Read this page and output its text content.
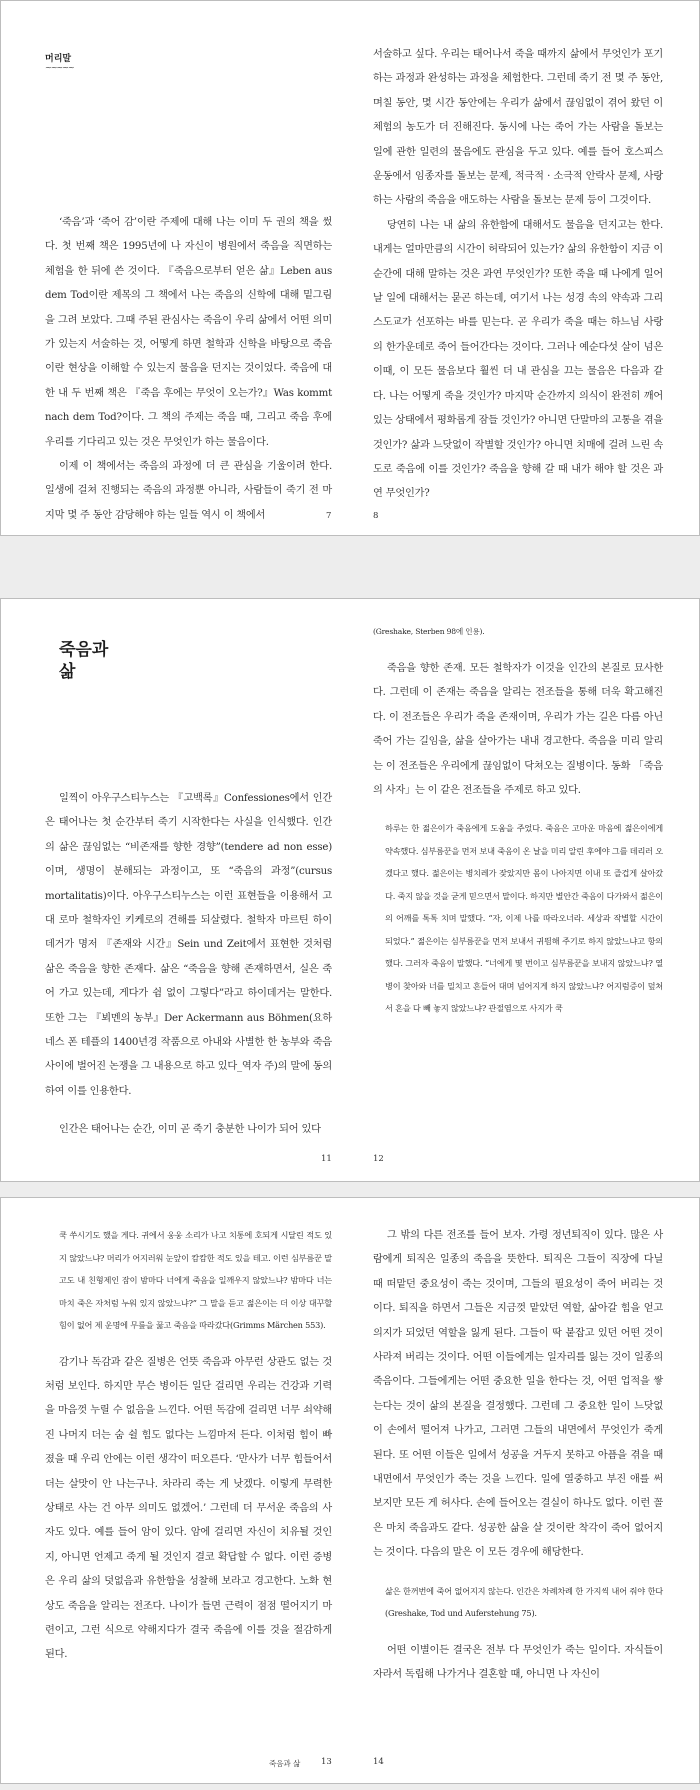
머리말
~~~~~

‘죽음’과 ‘죽어 감’이란 주제에 대해 나는 이미 두 권의 책을 썼다. 첫 번째 책은 1995년에 나 자신이 병원에서 죽음을 직면하는 체험을 한 뒤에 쓴 것이다. 『죽음으로부터 얻은 삶』Leben aus dem Tod이란 제목의 그 책에서 나는 죽음의 신학에 대해 밑그림을 그려 보았다. 그때 주된 관심사는 죽음이 우리 삶에서 어떤 의미가 있는지 서술하는 것, 어떻게 하면 철학과 신학을 바탕으로 죽음이란 현상을 이해할 수 있는지 물음을 던지는 것이었다. 죽음에 대한 내 두 번째 책은 『죽음 후에는 무엇이 오는가?』Was kommt nach dem Tod?이다. 그 책의 주제는 죽음 때, 그리고 죽음 후에 우리를 기다리고 있는 것은 무엇인가 하는 물음이다.

이제 이 책에서는 죽음의 과정에 더 큰 관심을 기울이려 한다. 일생에 걸쳐 진행되는 죽음의 과정뿐 아니라, 사람들이 죽기 전 마지막 몇 주 동안 감당해야 하는 일들 역시 이 책에서	7

서술하고 싶다. 우리는 태어나서 죽을 때까지 삶에서 무엇인가 포기하는 과정과 완성하는 과정을 체험한다. 그런데 죽기 전 몇 주 동안, 며칠 동안, 몇 시간 동안에는 우리가 삶에서 끊임없이 겪어 왔던 이 체험의 농도가 더 진해진다. 동시에 나는 죽어 가는 사람을 돌보는 일에 관한 일련의 물음에도 관심을 두고 있다. 예를 들어 호스피스 운동에서 임종자를 돌보는 문제, 적극적 · 소극적 안락사 문제, 사랑하는 사람의 죽음을 애도하는 사람을 돌보는 문제 등이 그것이다.

당연히 나는 내 삶의 유한함에 대해서도 물음을 던지고는 한다. 내게는 얼마만큼의 시간이 허락되어 있는가? 삶의 유한함이 지금 이 순간에 대해 말하는 것은 과연 무엇인가? 또한 죽을 때 나에게 일어날 일에 대해서는 묻곤 하는데, 여기서 나는 성경 속의 약속과 그리스도교가 선포하는 바를 믿는다. 곧 우리가 죽을 때는 하느님 사랑의 한가운데로 죽어 들어간다는 것이다. 그러나 예순다섯 살이 넘은 이때, 이 모든 물음보다 훨씬 더 내 관심을 끄는 물음은 다음과 같다. 나는 어떻게 죽을 것인가? 마지막 순간까지 의식이 완전히 깨어 있는 상태에서 평화롭게 잠들 것인가? 아니면 단말마의 고통을 겪을 것인가? 삶과 느닷없이 작별할 것인가? 아니면 치매에 걸려 느린 속도로 죽음에 이를 것인가? 죽음을 향해 갈 때 내가 해야 할 것은 과연 무엇인가?

8
죽음과
삶

일찍이 아우구스티누스는 『고백록』Confessiones에서 인간은 태어나는 첫 순간부터 죽기 시작한다는 사실을 인식했다. 인간의 삶은 끊임없는 “비존재를 향한 경향”(tendere ad non esse)이며, 생명이 분해되는 과정이고, 또 “죽음의 과정”(cursus mortalitatis)이다. 아우구스티누스는 이런 표현들을 이용해서 고대 로마 철학자인 키케로의 견해를 되살렸다. 철학자 마르틴 하이데거가 명저 『존재와 시간』Sein und Zeit에서 표현한 것처럼 삶은 죽음을 향한 존재다. 삶은 “죽음을 향해 존재하면서, 실은 죽어 가고 있는데, 게다가 쉼 없이 그렇다”라고 하이데거는 말한다. 또한 그는 『뵈멘의 농부』Der Ackermann aus Böhmen(요하네스 폰 테플의 1400년경 작품으로 아내와 사별한 한 농부와 죽음 사이에 벌어진 논쟁을 그 내용으로 하고 있다_역자 주)의 말에 동의하여 이를 인용한다.

인간은 태어나는 순간, 이미 곧 죽기 충분한 나이가 되어 있다

11

(Greshake, Sterben 98에 인용).

죽음을 향한 존재. 모든 철학자가 이것을 인간의 본질로 묘사한다. 그런데 이 존재는 죽음을 알리는 전조들을 통해 더욱 확고해진다. 이 전조들은 우리가 죽을 존재이며, 우리가 가는 길은 다름 아닌 죽어 가는 길임을, 삶을 살아가는 내내 경고한다. 죽음을 미리 알리는 이 전조들은 우리에게 끊임없이 닥쳐오는 질병이다. 동화 「죽음의 사자」는 이 같은 전조들을 주제로 하고 있다.

하루는 한 젊은이가 죽음에게 도움을 주었다. 죽음은 고마운 마음에 젊은이에게 약속했다. 심부름꾼을 먼저 보내 죽음이 온 날을 미리 알린 후에야 그를 데리러 오겠다고 했다. 젊은이는 병치레가 잦았지만 몸이 나아지면 이내 또 즐겁게 살아갔다. 죽지 않을 것을 굳게 믿으면서 말이다. 하지만 별안간 죽음이 다가와서 젊은이의 어깨를 톡톡 치며 말했다. “자, 이제 나를 따라오너라. 세상과 작별할 시간이 되었다.” 젊은이는 심부름꾼을 먼저 보내서 귀띔해 주기로 하지 않았느냐고 항의했다. 그러자 죽음이 말했다. “너에게 몇 번이고 심부름꾼을 보내지 않았느냐? 열병이 찾아와 너를 밀치고 흔들어 대며 넘어지게 하지 않았느냐? 어지럼증이 덮쳐서 혼을 다 빼 놓지 않았느냐? 관절염으로 사지가 쿡

12

쿡 쑤시기도 했을 게다. 귀에서 웅웅 소리가 나고 치통에 호되게 시달린 적도 있지 않았느냐? 머리가 어지러워 눈앞이 캄캄한 적도 있을 테고. 이런 심부름꾼 말고도 내 친형제인 잠이 밤마다 너에게 죽음을 일깨우지 않았느냐? 밤마다 너는 마치 죽은 자처럼 누워 있지 않았느냐?” 그 말을 듣고 젊은이는 더 이상 대꾸할 힘이 없어 제 운명에 무릎을 꿇고 죽음을 따라갔다(Grimms Märchen 553).

감기나 독감과 같은 질병은 언뜻 죽음과 아무런 상관도 없는 것처럼 보인다. 하지만 무슨 병이든 일단 걸리면 우리는 건강과 기력을 마음껏 누릴 수 없음을 느낀다. 어떤 독감에 걸리면 너무 쇠약해진 나머지 더는 숨 쉴 힘도 없다는 느낌마저 든다. 이처럼 힘이 빠졌을 때 우리 안에는 이런 생각이 떠오른다. ‘만사가 너무 힘들어서 더는 살맛이 안 나는구나. 차라리 죽는 게 낫겠다. 이렇게 무력한 상태로 사는 건 아무 의미도 없겠어.’ 그런데 더 무서운 죽음의 사자도 있다. 예를 들어 암이 있다. 암에 걸리면 자신이 치유될 것인지, 아니면 언제고 죽게 될 것인지 결코 확답할 수 없다. 이런 증병은 우리 삶의 덧없음과 유한함을 성찰해 보라고 경고한다. 노화 현상도 죽음을 알리는 전조다. 나이가 들면 근력이 점점 떨어지기 마련이고, 그런 식으로 약해지다가 결국 죽음에 이를 것을 절감하게 된다.

죽음과 삶 13

그 밖의 다른 전조를 들어 보자. 가령 정년퇴직이 있다. 많은 사람에게 퇴직은 일종의 죽음을 뜻한다. 퇴직은 그들이 직장에 다닐 때 떠맡던 중요성이 죽는 것이며, 그들의 필요성이 죽어 버리는 것이다. 퇴직을 하면서 그들은 지금껏 맡았던 역할, 삶아갈 힘을 얻고 의지가 되었던 역할을 잃게 된다. 그들이 딱 붙잡고 있던 어떤 것이 사라져 버리는 것이다. 어떤 이들에게는 일자리를 잃는 것이 일종의 죽음이다. 그들에게는 어떤 중요한 일을 한다는 것, 어떤 업적을 쌓는다는 것이 삶의 본질을 결정했다. 그런데 그 중요한 일이 느닷없이 손에서 떨어져 나가고, 그러면 그들의 내면에서 무엇인가 죽게 된다. 또 어떤 이들은 일에서 성공을 거두지 못하고 아픔을 겪을 때 내면에서 무엇인가 죽는 것을 느낀다. 일에 열중하고 부진 애를 써 보지만 모든 게 허사다. 손에 들어오는 결실이 하나도 없다. 이런 꼴은 마치 죽음과도 같다. 성공한 삶을 살 것이란 착각이 죽어 없어지는 것이다. 다음의 말은 이 모든 경우에 해당한다.

삶은 한꺼번에 죽어 없어지지 않는다. 인간은 차례차례 한 가지씩 내어 줘야 한다(Greshake, Tod und Auferstehung 75).

어떤 이별이든 결국은 전부 다 무엇인가 죽는 일이다. 자식들이 자라서 독립해 나가거나 결혼할 때, 아니면 나 자신이

14
